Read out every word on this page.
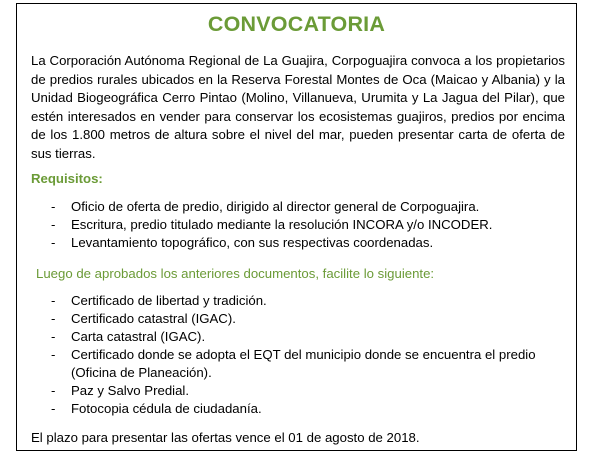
CONVOCATORIA

La Corporación Autónoma Regional de La Guajira, Corpoguajira convoca a los propietarios de predios rurales ubicados en la Reserva Forestal Montes de Oca (Maicao y Albania) y la Unidad Biogeográfica Cerro Pintao (Molino, Villanueva, Urumita y La Jagua del Pilar), que estén interesados en vender para conservar los ecosistemas guajiros, predios por encima de los 1.800 metros de altura sobre el nivel del mar, pueden presentar carta de oferta de sus tierras.

Requisitos:

- Oficio de oferta de predio, dirigido al director general de Corpoguajira.
- Escritura, predio titulado mediante la resolución INCORA y/o INCODER.
- Levantamiento topográfico, con sus respectivas coordenadas.

Luego de aprobados los anteriores documentos, facilite lo siguiente:

- Certificado de libertad y tradición.
- Certificado catastral (IGAC).
- Carta catastral (IGAC).
- Certificado donde se adopta el EQT del municipio donde se encuentra el predio (Oficina de Planeación).
- Paz y Salvo Predial.
- Fotocopia cédula de ciudadanía.

El plazo para presentar las ofertas vence el 01 de agosto de 2018.
